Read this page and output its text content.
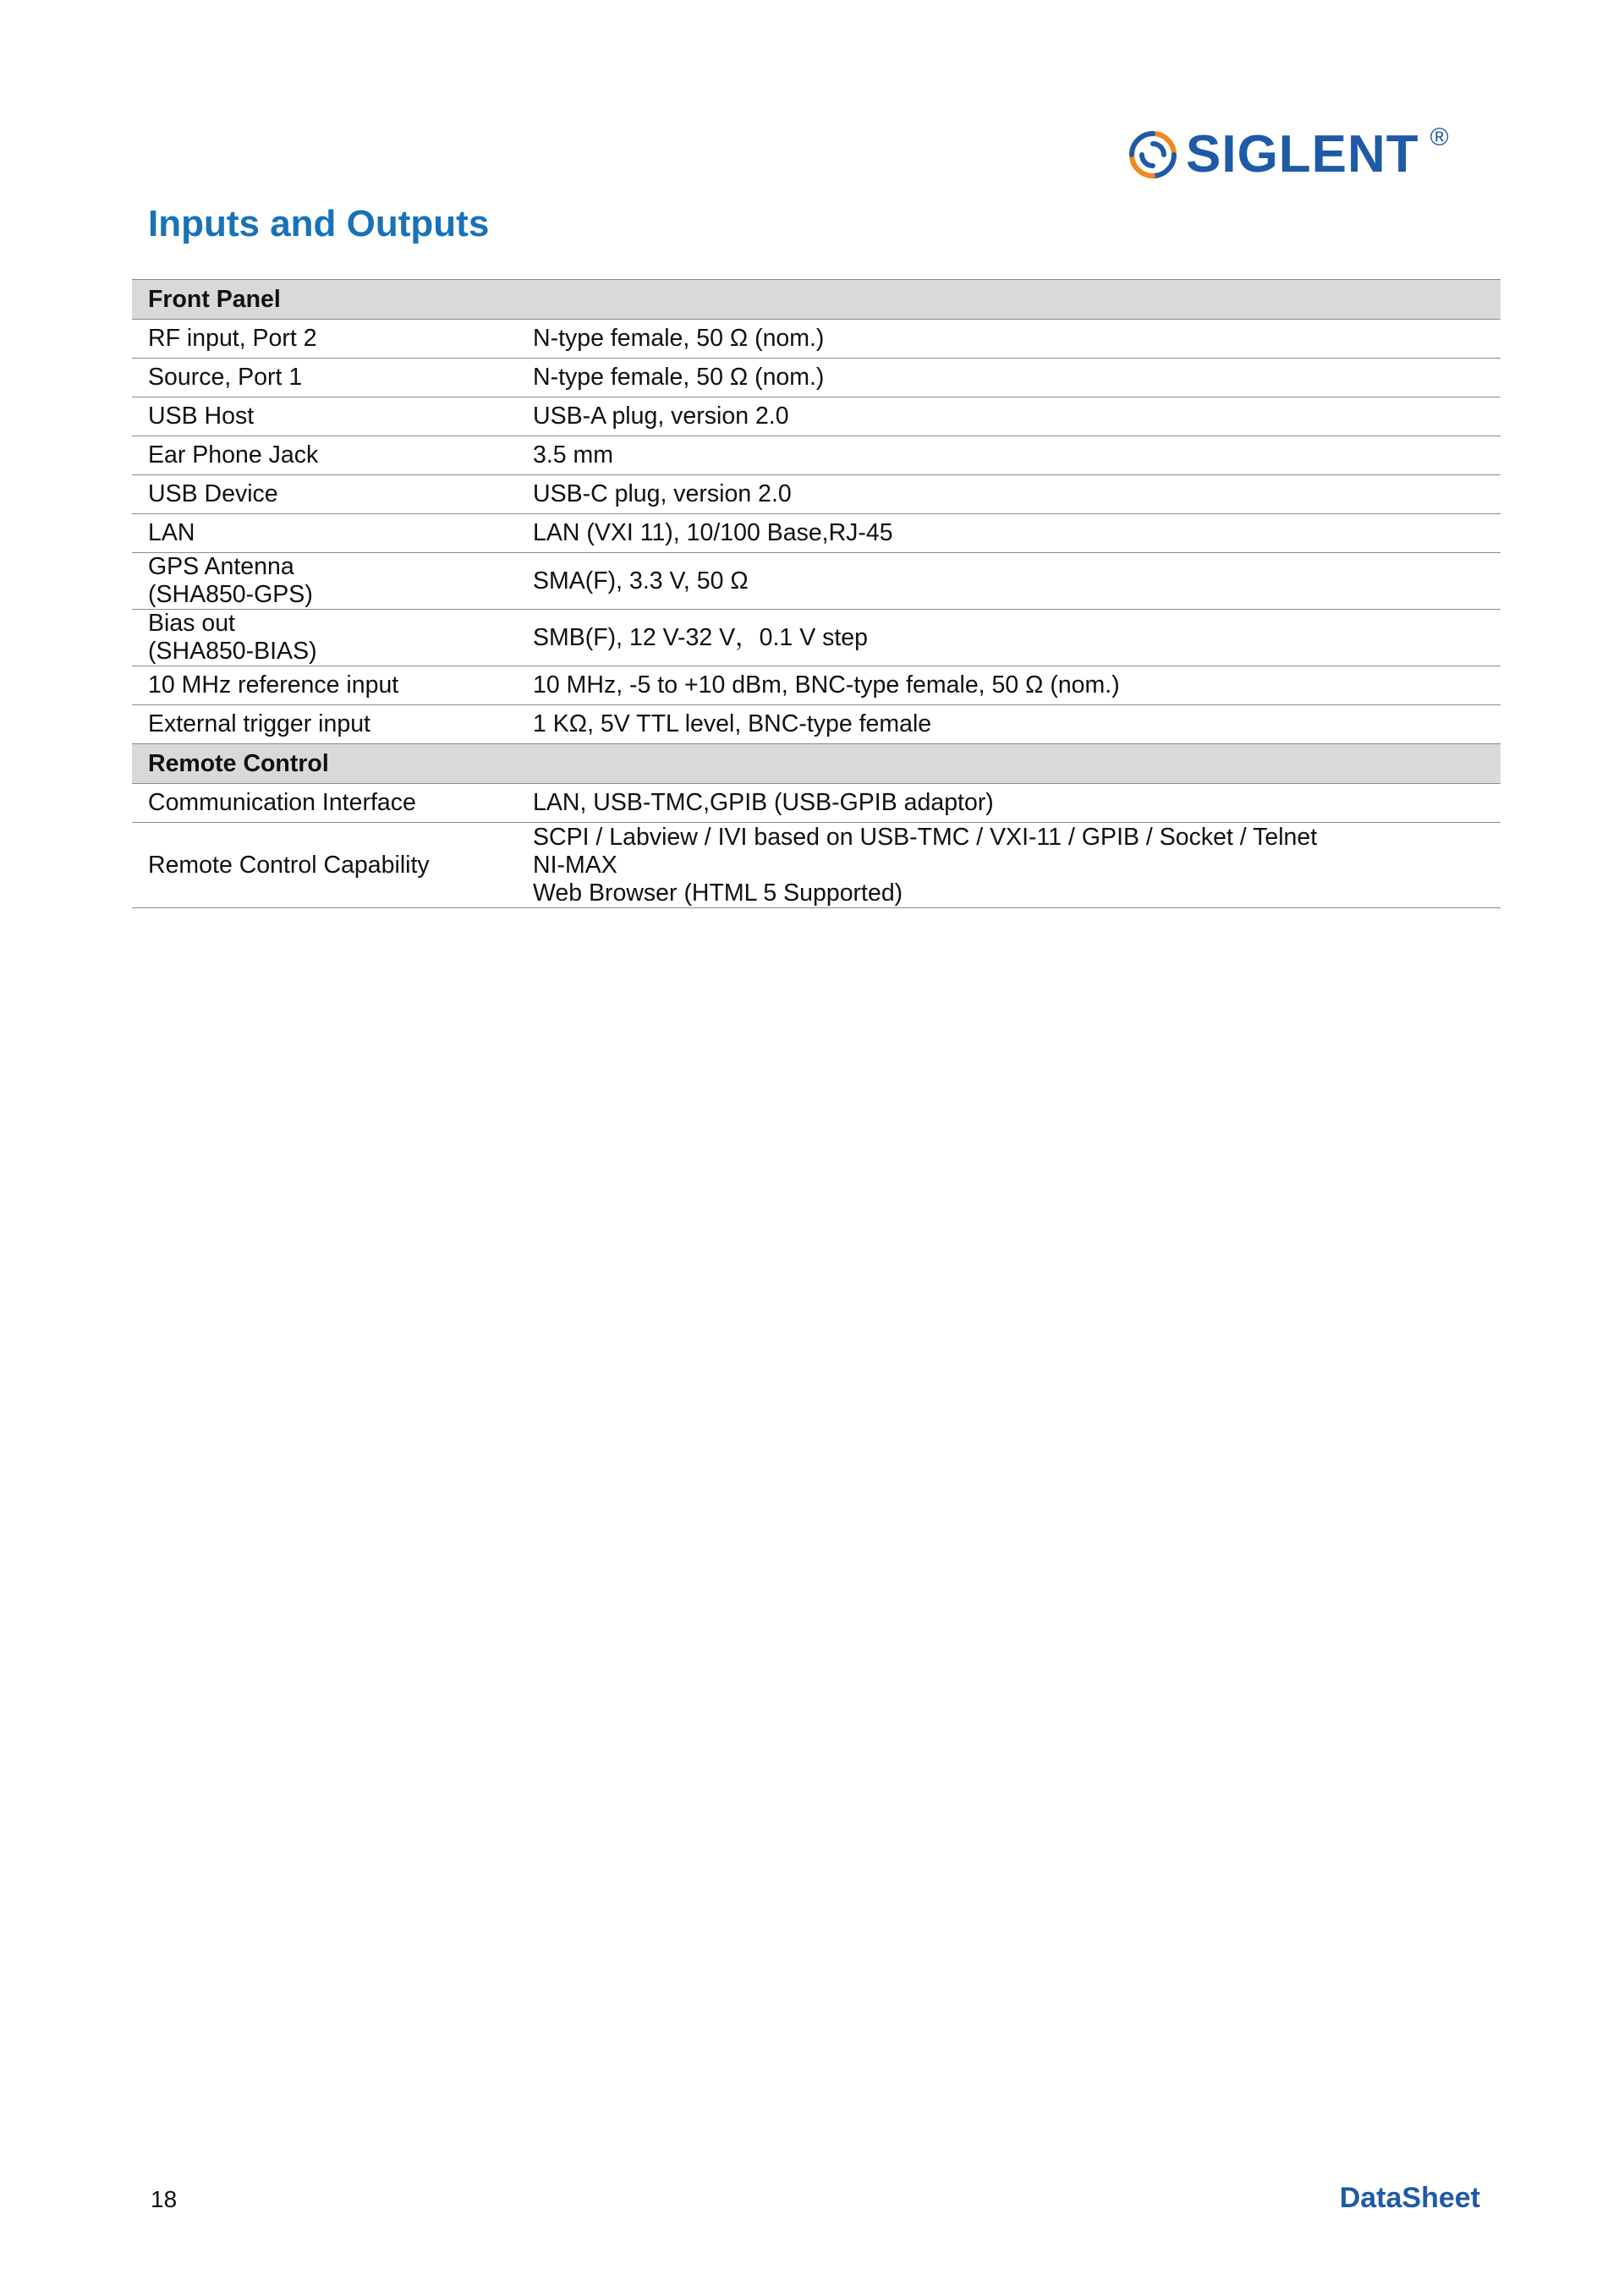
SIGLENT ®
Inputs and Outputs
Front Panel	
RF input, Port 2	N-type female, 50 Ω (nom.)

Source, Port 1	N-type female, 50 Ω (nom.)

USB Host	USB-A plug, version 2.0

Ear Phone Jack	3.5 mm

USB Device	USB-C plug, version 2.0

LAN	LAN (VXI 11), 10/100 Base,RJ-45

GPS Antenna
(SHA850-GPS)	SMA(F), 3.3 V, 50 Ω

Bias out
(SHA850-BIAS)	SMB(F), 12 V-32 V，0.1 V step

10 MHz reference input	10 MHz, -5 to +10 dBm, BNC-type female, 50 Ω (nom.)

External trigger input	1 KΩ, 5V TTL level, BNC-type female

Remote Control	
Communication Interface	LAN, USB-TMC,GPIB (USB-GPIB adaptor)

Remote Control Capability	SCPI / Labview / IVI based on USB-TMC / VXI-11 / GPIB / Socket / Telnet
NI-MAX
Web Browser (HTML 5 Supported)
18	DataSheet
